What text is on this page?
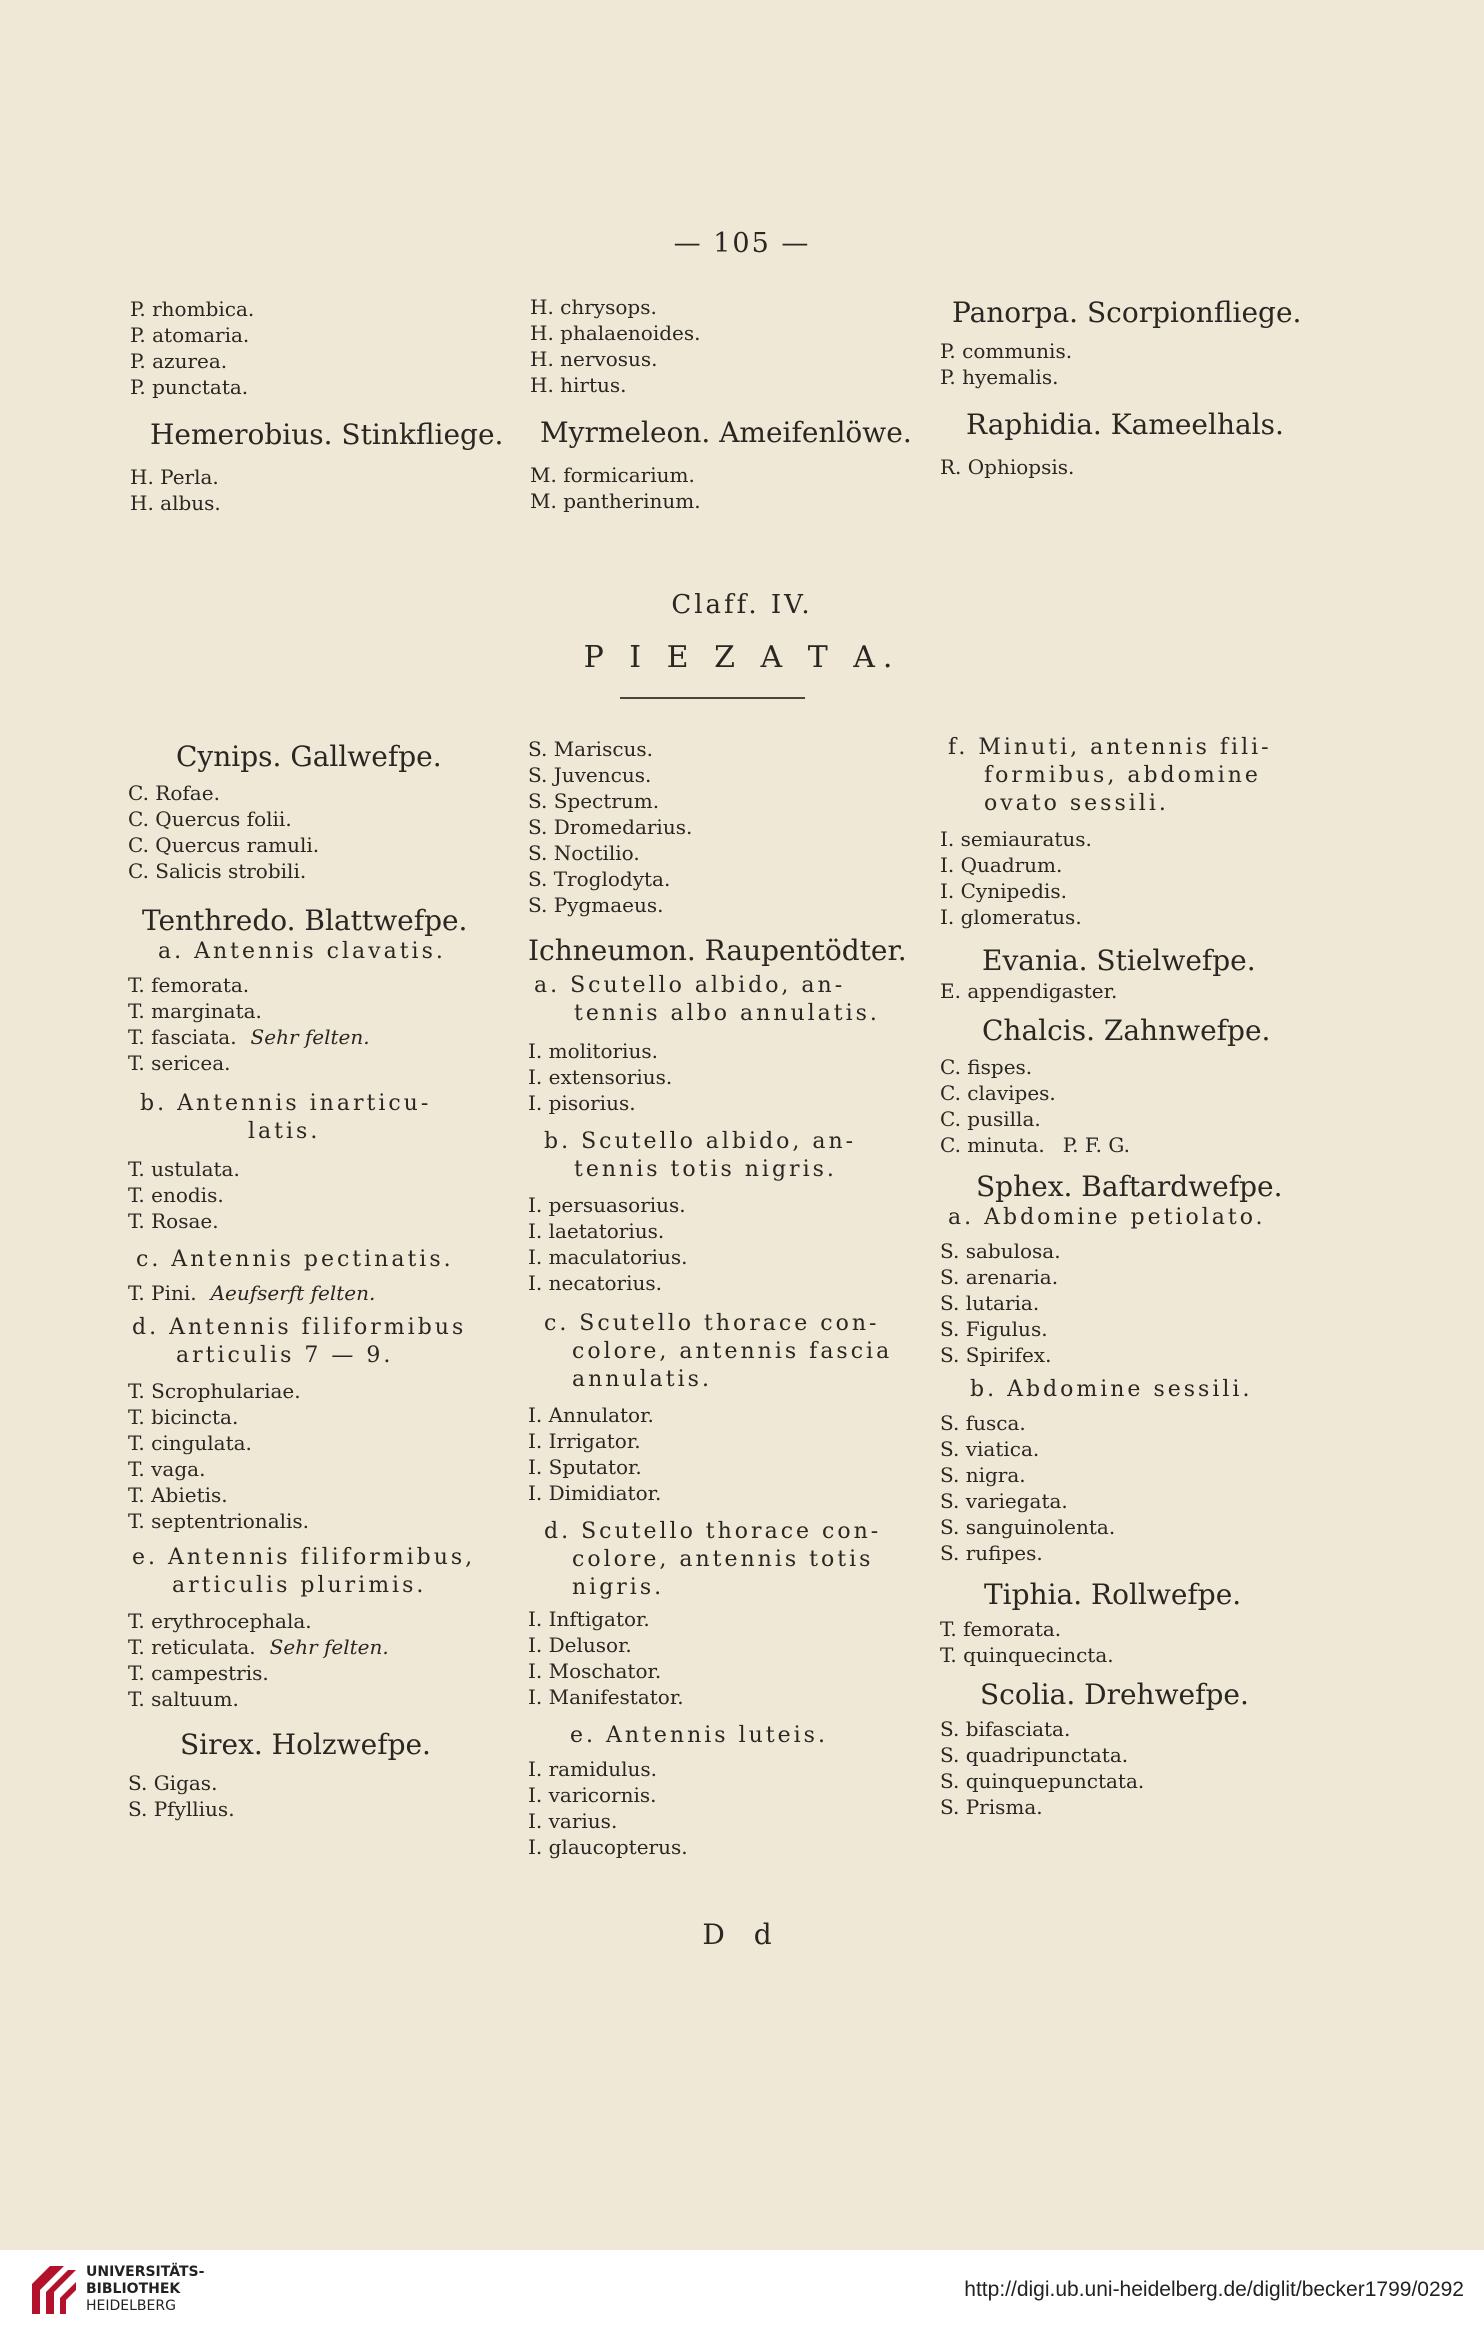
— 105 —
P. rhombica.
P. atomaria.
P. azurea.
P. punctata.
Hemerobius. Stinkfliege.
H. Perla.
H. albus.
H. chrysops.
H. phalaenoides.
H. nervosus.
H. hirtus.
Myrmeleon. Ameifenlöwe.
M. formicarium.
M. pantherinum.
Panorpa. Scorpionfliege.
P. communis.
P. hyemalis.
Raphidia. Kameelhals.
R. Ophiopsis.
Claff. IV.
P I E Z A T A.
Cynips. Gallwefpe.
C. Rofae.
C. Quercus folii.
C. Quercus ramuli.
C. Salicis strobili.
Tenthredo. Blattwefpe.
a. Antennis clavatis.
T. femorata.
T. marginata.
T. fasciata. Sehr felten.
T. sericea.
b. Antennis inarticu-
latis.
T. ustulata.
T. enodis.
T. Rosae.
c. Antennis pectinatis.
T. Pini. Aeufserft felten.
d. Antennis filiformibus
articulis 7 — 9.
T. Scrophulariae.
T. bicincta.
T. cingulata.
T. vaga.
T. Abietis.
T. septentrionalis.
e. Antennis filiformibus,
articulis plurimis.
T. erythrocephala.
T. reticulata. Sehr felten.
T. campestris.
T. saltuum.
Sirex. Holzwefpe.
S. Gigas.
S. Pfyllius.
S. Mariscus.
S. Juvencus.
S. Spectrum.
S. Dromedarius.
S. Noctilio.
S. Troglodyta.
S. Pygmaeus.
Ichneumon. Raupentödter.
a. Scutello albido, an-
tennis albo annulatis.
I. molitorius.
I. extensorius.
I. pisorius.
b. Scutello albido, an-
tennis totis nigris.
I. persuasorius.
I. laetatorius.
I. maculatorius.
I. necatorius.
c. Scutello thorace con-
colore, antennis fascia
annulatis.
I. Annulator.
I. Irrigator.
I. Sputator.
I. Dimidiator.
d. Scutello thorace con-
colore, antennis totis
nigris.
I. Inftigator.
I. Delusor.
I. Moschator.
I. Manifestator.
e. Antennis luteis.
I. ramidulus.
I. varicornis.
I. varius.
I. glaucopterus.
f. Minuti, antennis fili-
formibus, abdomine
ovato sessili.
I. semiauratus.
I. Quadrum.
I. Cynipedis.
I. glomeratus.
Evania. Stielwefpe.
E. appendigaster.
Chalcis. Zahnwefpe.
C. fispes.
C. clavipes.
C. pusilla.
C. minuta. P. F. G.
Sphex. Baftardwefpe.
a. Abdomine petiolato.
S. sabulosa.
S. arenaria.
S. lutaria.
S. Figulus.
S. Spirifex.
b. Abdomine sessili.
S. fusca.
S. viatica.
S. nigra.
S. variegata.
S. sanguinolenta.
S. rufipes.
Tiphia. Rollwefpe.
T. femorata.
T. quinquecincta.
Scolia. Drehwefpe.
S. bifasciata.
S. quadripunctata.
S. quinquepunctata.
S. Prisma.
D d
UNIVERSITÄTS-
BIBLIOTHEK
HEIDELBERG
http://digi.ub.uni-heidelberg.de/diglit/becker1799/0292
